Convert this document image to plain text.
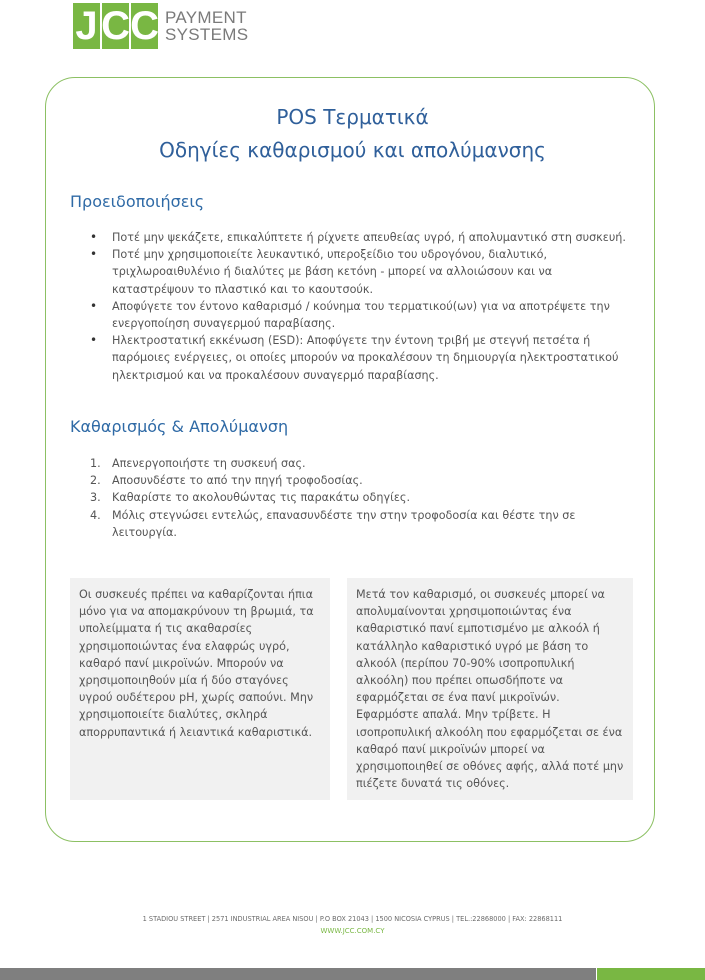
J C C PAYMENT
SYSTEMS
POS Τερματικά
Οδηγίες καθαρισμού και απολύμανσης
Προειδοποιήσεις
• Ποτέ μην ψεκάζετε, επικαλύπτετε ή ρίχνετε απευθείας υγρό, ή απολυμαντικό στη συσκευή.
• Ποτέ μην χρησιμοποιείτε λευκαντικό, υπεροξείδιο του υδρογόνου, διαλυτικό, τριχλωροαιθυλένιο ή διαλύτες με βάση κετόνη - μπορεί να αλλοιώσουν και να καταστρέψουν το πλαστικό και το καουτσούκ.
• Αποφύγετε τον έντονο καθαρισμό / κούνημα του τερματικού(ων) για να αποτρέψετε την ενεργοποίηση συναγερμού παραβίασης.
• Ηλεκτροστατική εκκένωση (ESD): Αποφύγετε την έντονη τριβή με στεγνή πετσέτα ή παρόμοιες ενέργειες, οι οποίες μπορούν να προκαλέσουν τη δημιουργία ηλεκτροστατικού ηλεκτρισμού και να προκαλέσουν συναγερμό παραβίασης.
Καθαρισμός & Απολύμανση
1. Απενεργοποιήστε τη συσκευή σας.
2. Αποσυνδέστε το από την πηγή τροφοδοσίας.
3. Καθαρίστε το ακολουθώντας τις παρακάτω οδηγίες.
4. Μόλις στεγνώσει εντελώς, επανασυνδέστε την στην τροφοδοσία και θέστε την σε λειτουργία.
Οι συσκευές πρέπει να καθαρίζονται ήπια μόνο για να απομακρύνουν τη βρωμιά, τα υπολείμματα ή τις ακαθαρσίες χρησιμοποιώντας ένα ελαφρώς υγρό, καθαρό πανί μικροϊνών. Μπορούν να χρησιμοποιηθούν μία ή δύο σταγόνες υγρού ουδέτερου pH, χωρίς σαπούνι. Μην χρησιμοποιείτε διαλύτες, σκληρά απορρυπαντικά ή λειαντικά καθαριστικά.
Μετά τον καθαρισμό, οι συσκευές μπορεί να απολυμαίνονται χρησιμοποιώντας ένα καθαριστικό πανί εμποτισμένο με αλκοόλ ή κατάλληλο καθαριστικό υγρό με βάση το αλκοόλ (περίπου 70-90% ισοπροπυλική αλκοόλη) που πρέπει οπωσδήποτε να εφαρμόζεται σε ένα πανί μικροϊνών. Εφαρμόστε απαλά. Μην τρίβετε. Η ισοπροπυλική αλκοόλη που εφαρμόζεται σε ένα καθαρό πανί μικροϊνών μπορεί να χρησιμοποιηθεί σε οθόνες αφής, αλλά ποτέ μην πιέζετε δυνατά τις οθόνες.
1 STADIOU STREET | 2571 INDUSTRIAL AREA NISOU | P.O BOX 21043 | 1500 NICOSIA CYPRUS | TEL.:22868000 | FAX: 22868111
WWW.JCC.COM.CY
